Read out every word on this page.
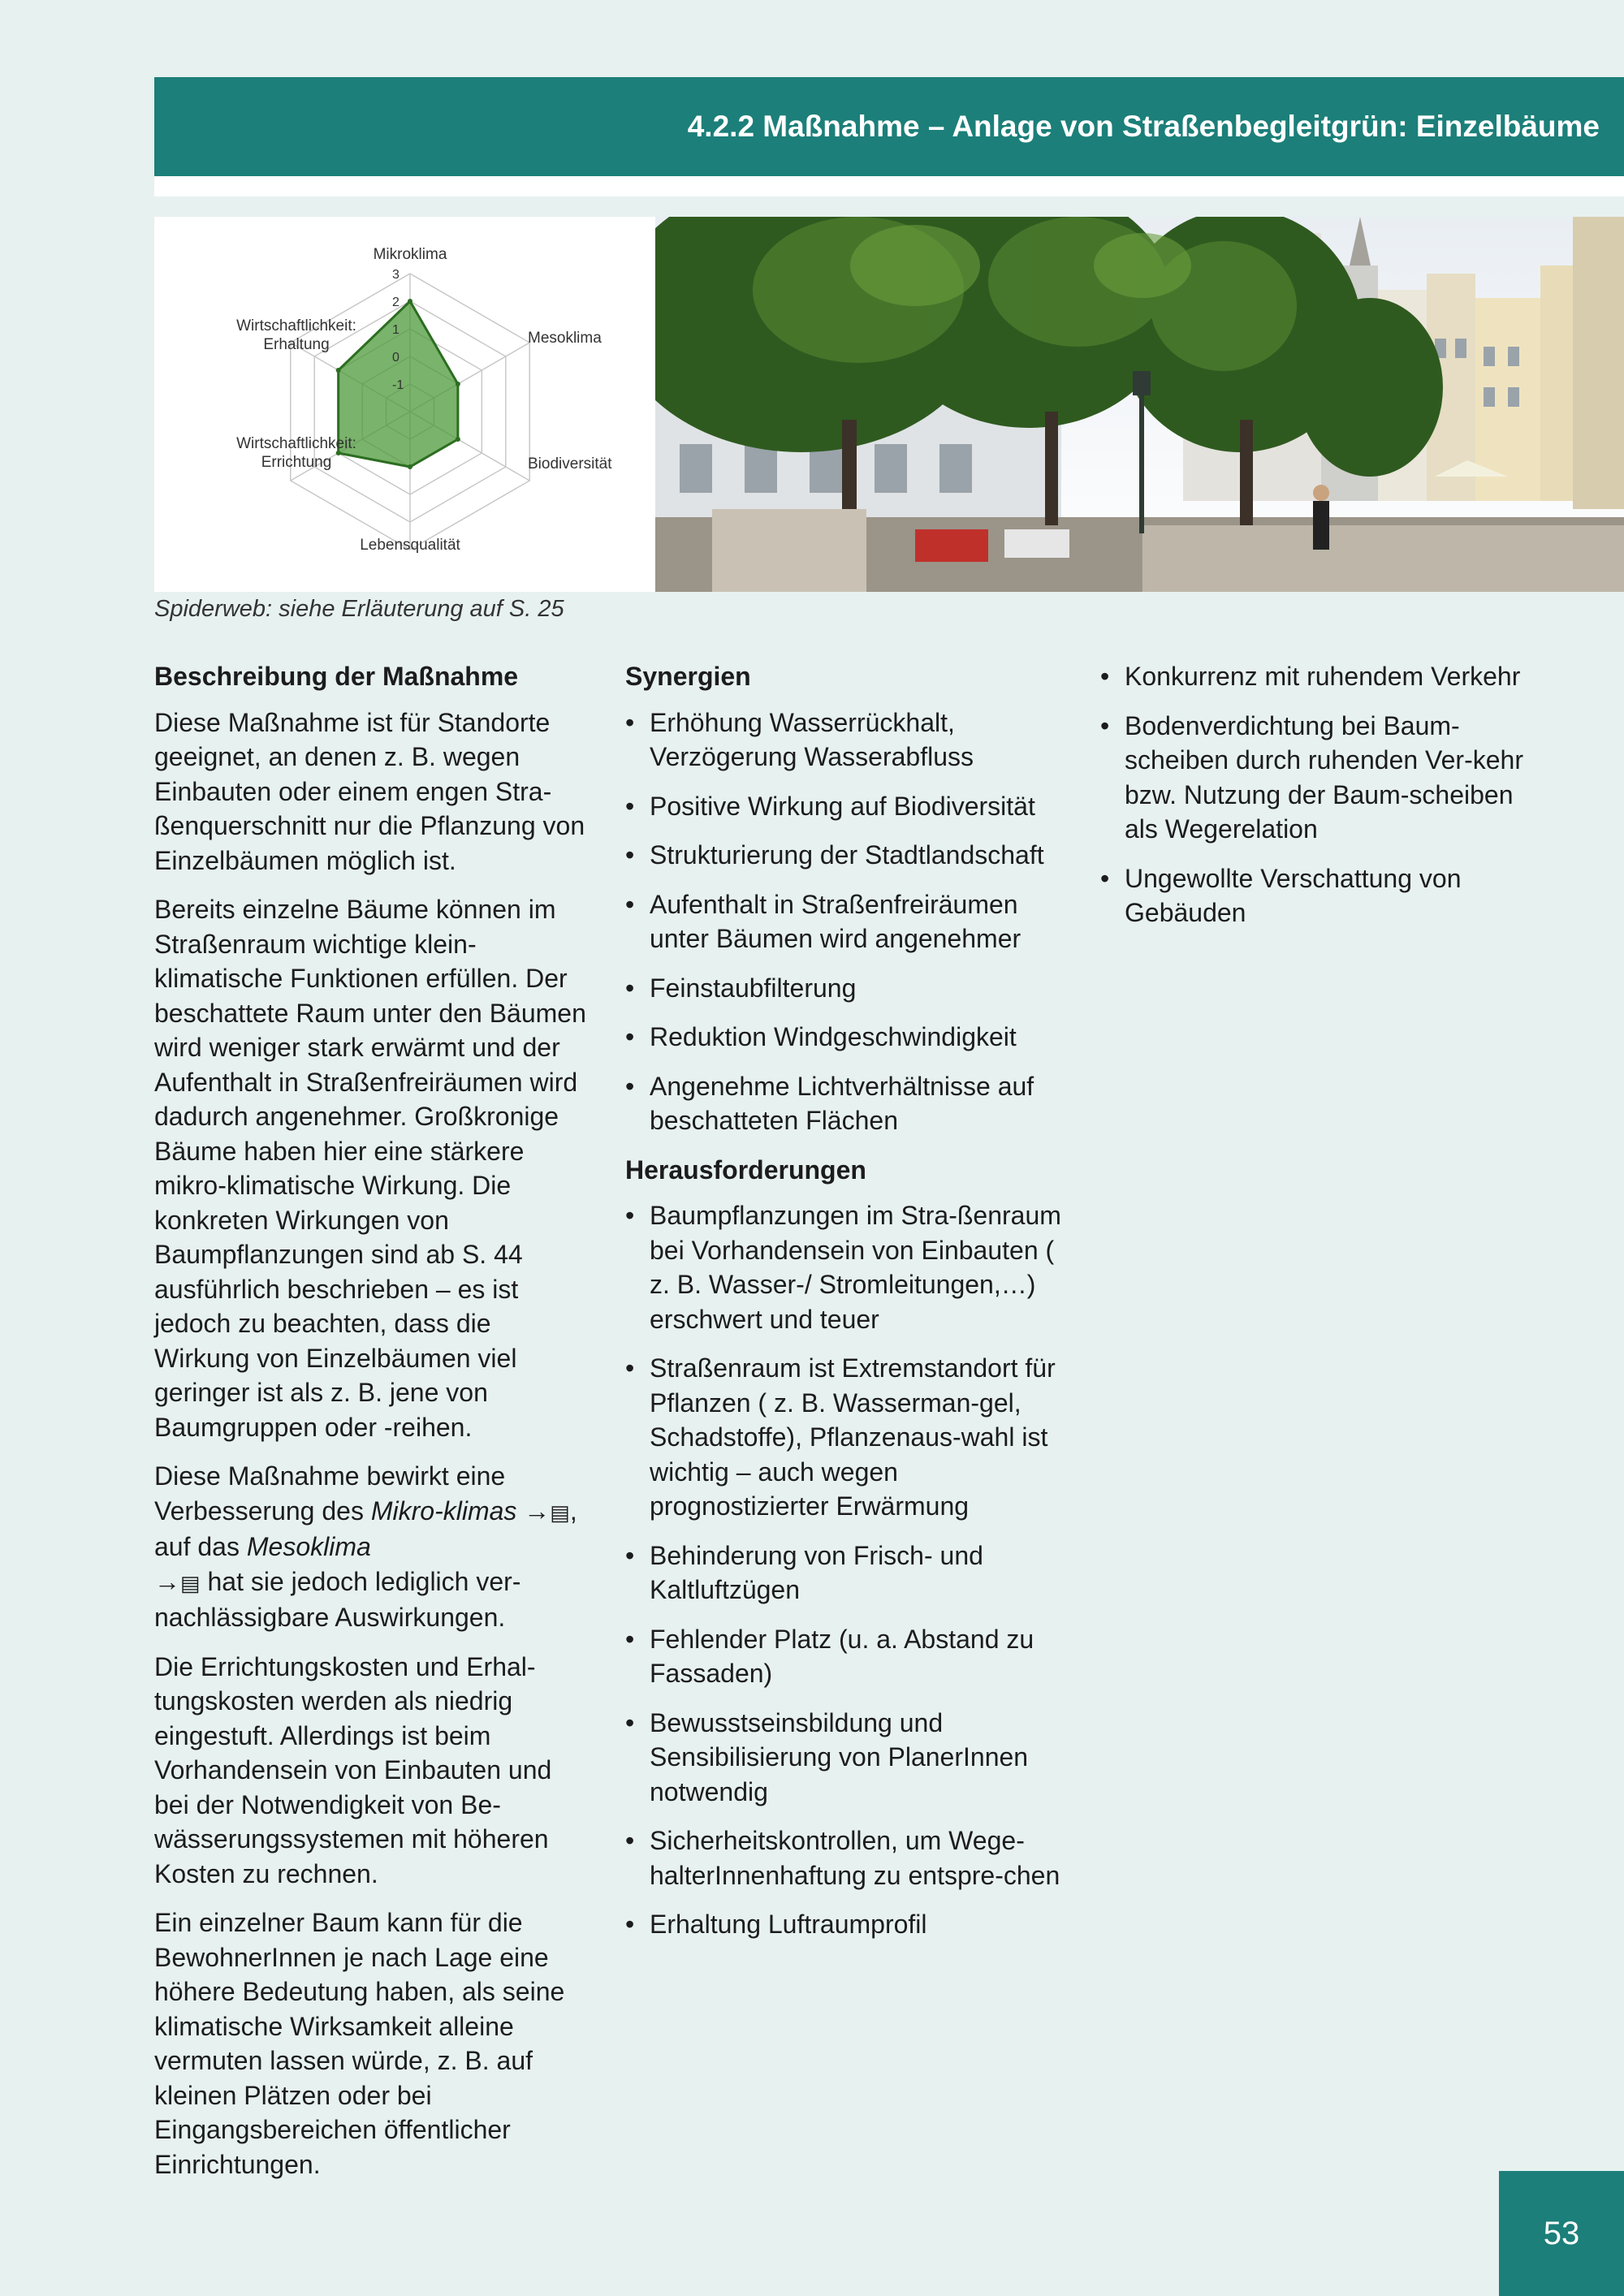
4.2.2 Maßnahme – Anlage von Straßenbegleitgrün: Einzelbäume
3
2
1
0
-1
Mikroklima
Mesoklima
Biodiversität
Lebensqualität
Wirtschaftlichkeit: Errichtung
Wirtschaftlichkeit: Erhaltung
Spiderweb: siehe Erläuterung auf S. 25
Beschreibung der Maßnahme

Diese Maßnahme ist für Standorte geeignet, an denen z. B. wegen Einbauten oder einem engen Stra-ßenquerschnitt nur die Pflanzung von Einzelbäumen möglich ist.

Bereits einzelne Bäume können im Straßenraum wichtige klein-klimatische Funktionen erfüllen. Der beschattete Raum unter den Bäumen wird weniger stark erwärmt und der Aufenthalt in Straßenfreiräumen wird dadurch angenehmer. Großkronige Bäume haben hier eine stärkere mikro-klimatische Wirkung. Die konkreten Wirkungen von Baumpflanzungen sind ab S. 44 ausführlich beschrieben – es ist jedoch zu beachten, dass die Wirkung von Einzelbäumen viel geringer ist als z. B. jene von Baumgruppen oder -reihen.

Diese Maßnahme bewirkt eine Verbesserung des Mikro-klimas →▤, auf das Mesoklima
→▤ hat sie jedoch lediglich ver-nachlässigbare Auswirkungen.

Die Errichtungskosten und Erhal-tungskosten werden als niedrig eingestuft. Allerdings ist beim Vorhandensein von Einbauten und bei der Notwendigkeit von Be-wässerungssystemen mit höheren Kosten zu rechnen.

Ein einzelner Baum kann für die BewohnerInnen je nach Lage eine höhere Bedeutung haben, als seine klimatische Wirksamkeit alleine vermuten lassen würde, z. B. auf kleinen Plätzen oder bei Eingangsbereichen öffentlicher Einrichtungen.

Synergien
• Erhöhung Wasserrückhalt, Verzögerung Wasserabfluss
• Positive Wirkung auf Biodiversität
• Strukturierung der Stadtlandschaft
• Aufenthalt in Straßenfreiräumen unter Bäumen wird angenehmer
• Feinstaubfilterung
• Reduktion Windgeschwindigkeit
• Angenehme Lichtverhältnisse auf beschatteten Flächen
Herausforderungen
• Baumpflanzungen im Stra-ßenraum bei Vorhandensein von Einbauten ( z. B. Wasser-/ Stromleitungen,…) erschwert und teuer
• Straßenraum ist Extremstandort für Pflanzen ( z. B. Wasserman-gel, Schadstoffe), Pflanzenaus-wahl ist wichtig – auch wegen prognostizierter Erwärmung
• Behinderung von Frisch- und Kaltluftzügen
• Fehlender Platz (u. a. Abstand zu Fassaden)
• Bewusstseinsbildung und Sensibilisierung von PlanerInnen notwendig
• Sicherheitskontrollen, um Wege-halterInnenhaftung zu entspre-chen
• Erhaltung Luftraumprofil
• Konkurrenz mit ruhendem Verkehr
• Bodenverdichtung bei Baum-scheiben durch ruhenden Ver-kehr bzw. Nutzung der Baum-scheiben als Wegerelation
• Ungewollte Verschattung von Gebäuden
53
